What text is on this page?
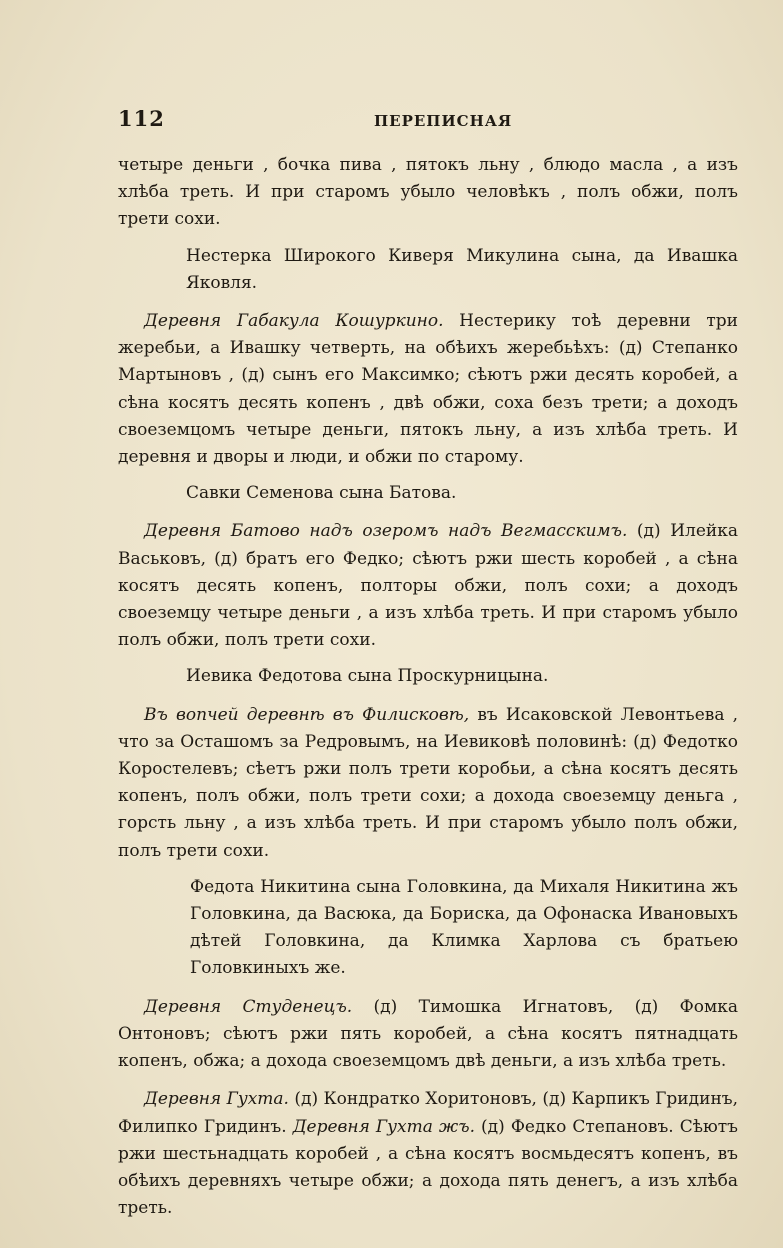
112	ПЕРЕПИСНАЯ

четыре деньги , бочка пива , пятокъ льну , блюдо масла , а изъ хлѣба треть. И при старомъ убыло человѣкъ , полъ обжи, полъ трети сохи.

Нестерка Широкого Киверя Микулина сына, да Ивашка Яковля.

Деревня Габакула Кошуркино. Нестерику тоѣ деревни три жеребьи, а Ивашку четверть, на обѣихъ жеребьѣхъ: (д) Степанко Мартыновъ , (д) сынъ его Максимко; сѣютъ ржи десять коробей, а сѣна косятъ десять копенъ , двѣ обжи, соха безъ трети; а доходъ своеземцомъ четыре деньги, пятокъ льну, а изъ хлѣба треть. И деревня и дворы и люди, и обжи по старому.

Савки Семенова сына Батова.

Деревня Батово надъ озеромъ надъ Вегмасскимъ. (д) Илейка Васьковъ, (д) братъ его Федко; сѣютъ ржи шесть коробей , а сѣна косятъ десять копенъ, полторы обжи, полъ сохи; а доходъ своеземцу четыре деньги , а изъ хлѣба треть. И при старомъ убыло полъ обжи, полъ трети сохи.

Иевика Федотова сына Проскурницына.

Въ вопчей деревнѣ въ Филисковѣ, въ Исаковской Левонтьева , что за Осташомъ за Редровымъ, на Иевиковѣ половинѣ: (д) Федотко Коростелевъ; сѣетъ ржи полъ трети коробьи, а сѣна косятъ десять копенъ, полъ обжи, полъ трети сохи; а дохода своеземцу деньга , горсть льну , а изъ хлѣба треть. И при старомъ убыло полъ обжи, полъ трети сохи.

Федота Никитина сына Головкина, да Михаля Никитина жъ Головкина, да Васюка, да Бориска, да Офонаска Ивановыхъ дѣтей Головкина, да Климка Харлова съ братьею Головкиныхъ же.

Деревня Студенецъ. (д) Тимошка Игнатовъ, (д) Фомка Онтоновъ; сѣютъ ржи пять коробей, а сѣна косятъ пятнадцать копенъ, обжа; а дохода своеземцомъ двѣ деньги, а изъ хлѣба треть.

Деревня Гухта. (д) Кондратко Хоритоновъ, (д) Карпикъ Гридинъ, Филипко Гридинъ. Деревня Гухта жъ. (д) Федко Степановъ. Сѣютъ ржи шестьнадцать коробей , а сѣна косятъ восмьдесятъ копенъ, въ обѣихъ деревняхъ четыре обжи; а дохода пять денегъ, а изъ хлѣба треть.
